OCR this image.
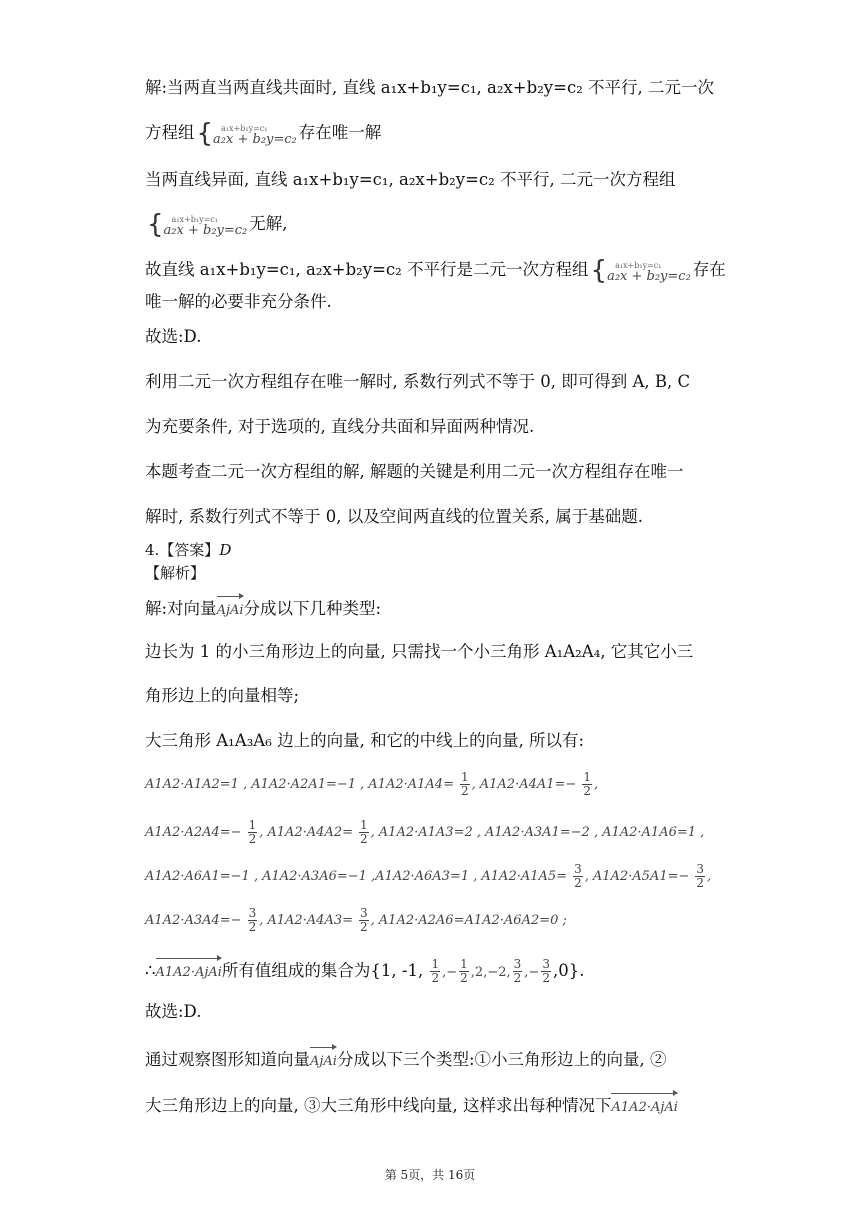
解:当两直当两直线共面时, 直线 a₁x+b₁y=c₁, a₂x+b₂y=c₂ 不平行, 二元一次
方程组{	a₁x+b₁y=c₁
a₂x + b₂y=c₂ 存在唯一解
当两直线异面, 直线 a₁x+b₁y=c₁, a₂x+b₂y=c₂ 不平行, 二元一次方程组
{	a₁x+b₁y=c₁
a₂x + b₂y=c₂ 无解,
故直线 a₁x+b₁y=c₁, a₂x+b₂y=c₂ 不平行是二元一次方程组{	a₁x+b₁y=c₁
a₂x + b₂y=c₂ 存在
唯一解的必要非充分条件.
故选:D.
利用二元一次方程组存在唯一解时, 系数行列式不等于 0, 即可得到 A, B, C
为充要条件, 对于选项的, 直线分共面和异面两种情况.
本题考查二元一次方程组的解, 解题的关键是利用二元一次方程组存在唯一
解时, 系数行列式不等于 0, 以及空间两直线的位置关系, 属于基础题.
4.【答案】D
【解析】
解:对向量AjAi分成以下几种类型:
边长为 1 的小三角形边上的向量, 只需找一个小三角形 A₁A₂A₄, 它其它小三
角形边上的向量相等;
大三角形 A₁A₃A₆ 边上的向量, 和它的中线上的向量, 所以有:
A1A2·A1A2=1 , A1A2·A2A1=−1 , $A1A2\cdot A1A4= \frac{1}{2}$ , $A1A2\cdot A4A1=- \frac{1}{2}$ ,
$A1A2\cdot A2A4=- \frac{1}{2}$ , $A1A2\cdot A4A2= \frac{1}{2}$ , A1A2·A1A3=2 , A1A2·A3A1=−2 , A1A2·A1A6=1 ,
A1A2·A6A1=−1 , A1A2·A3A6=−1 ,A1A2·A6A3=1 , $A1A2\cdot A1A5= \frac{3}{2}$ , $A1A2\cdot A5A1=- \frac{3}{2}$ ,
$A1A2\cdot A3A4=- \frac{3}{2}$ , $A1A2\cdot A4A3= \frac{3}{2}$ , A1A2·A2A6=A1A2·A6A2=0 ;
∴A1A2·AjAi所有值组成的集合为{1, -1, $\frac{1}{2}$ ,− $\frac{1}{2} ,2,-2$, $\frac{3}{2}$ ,− $\frac{3}{2} ,0$}.
故选:D.
通过观察图形知道向量AjAi分成以下三个类型:①小三角形边上的向量, ②
大三角形边上的向量, ③大三角形中线向量, 这样求出每种情况下A1A2·AjAi
第 5页，共 16页
